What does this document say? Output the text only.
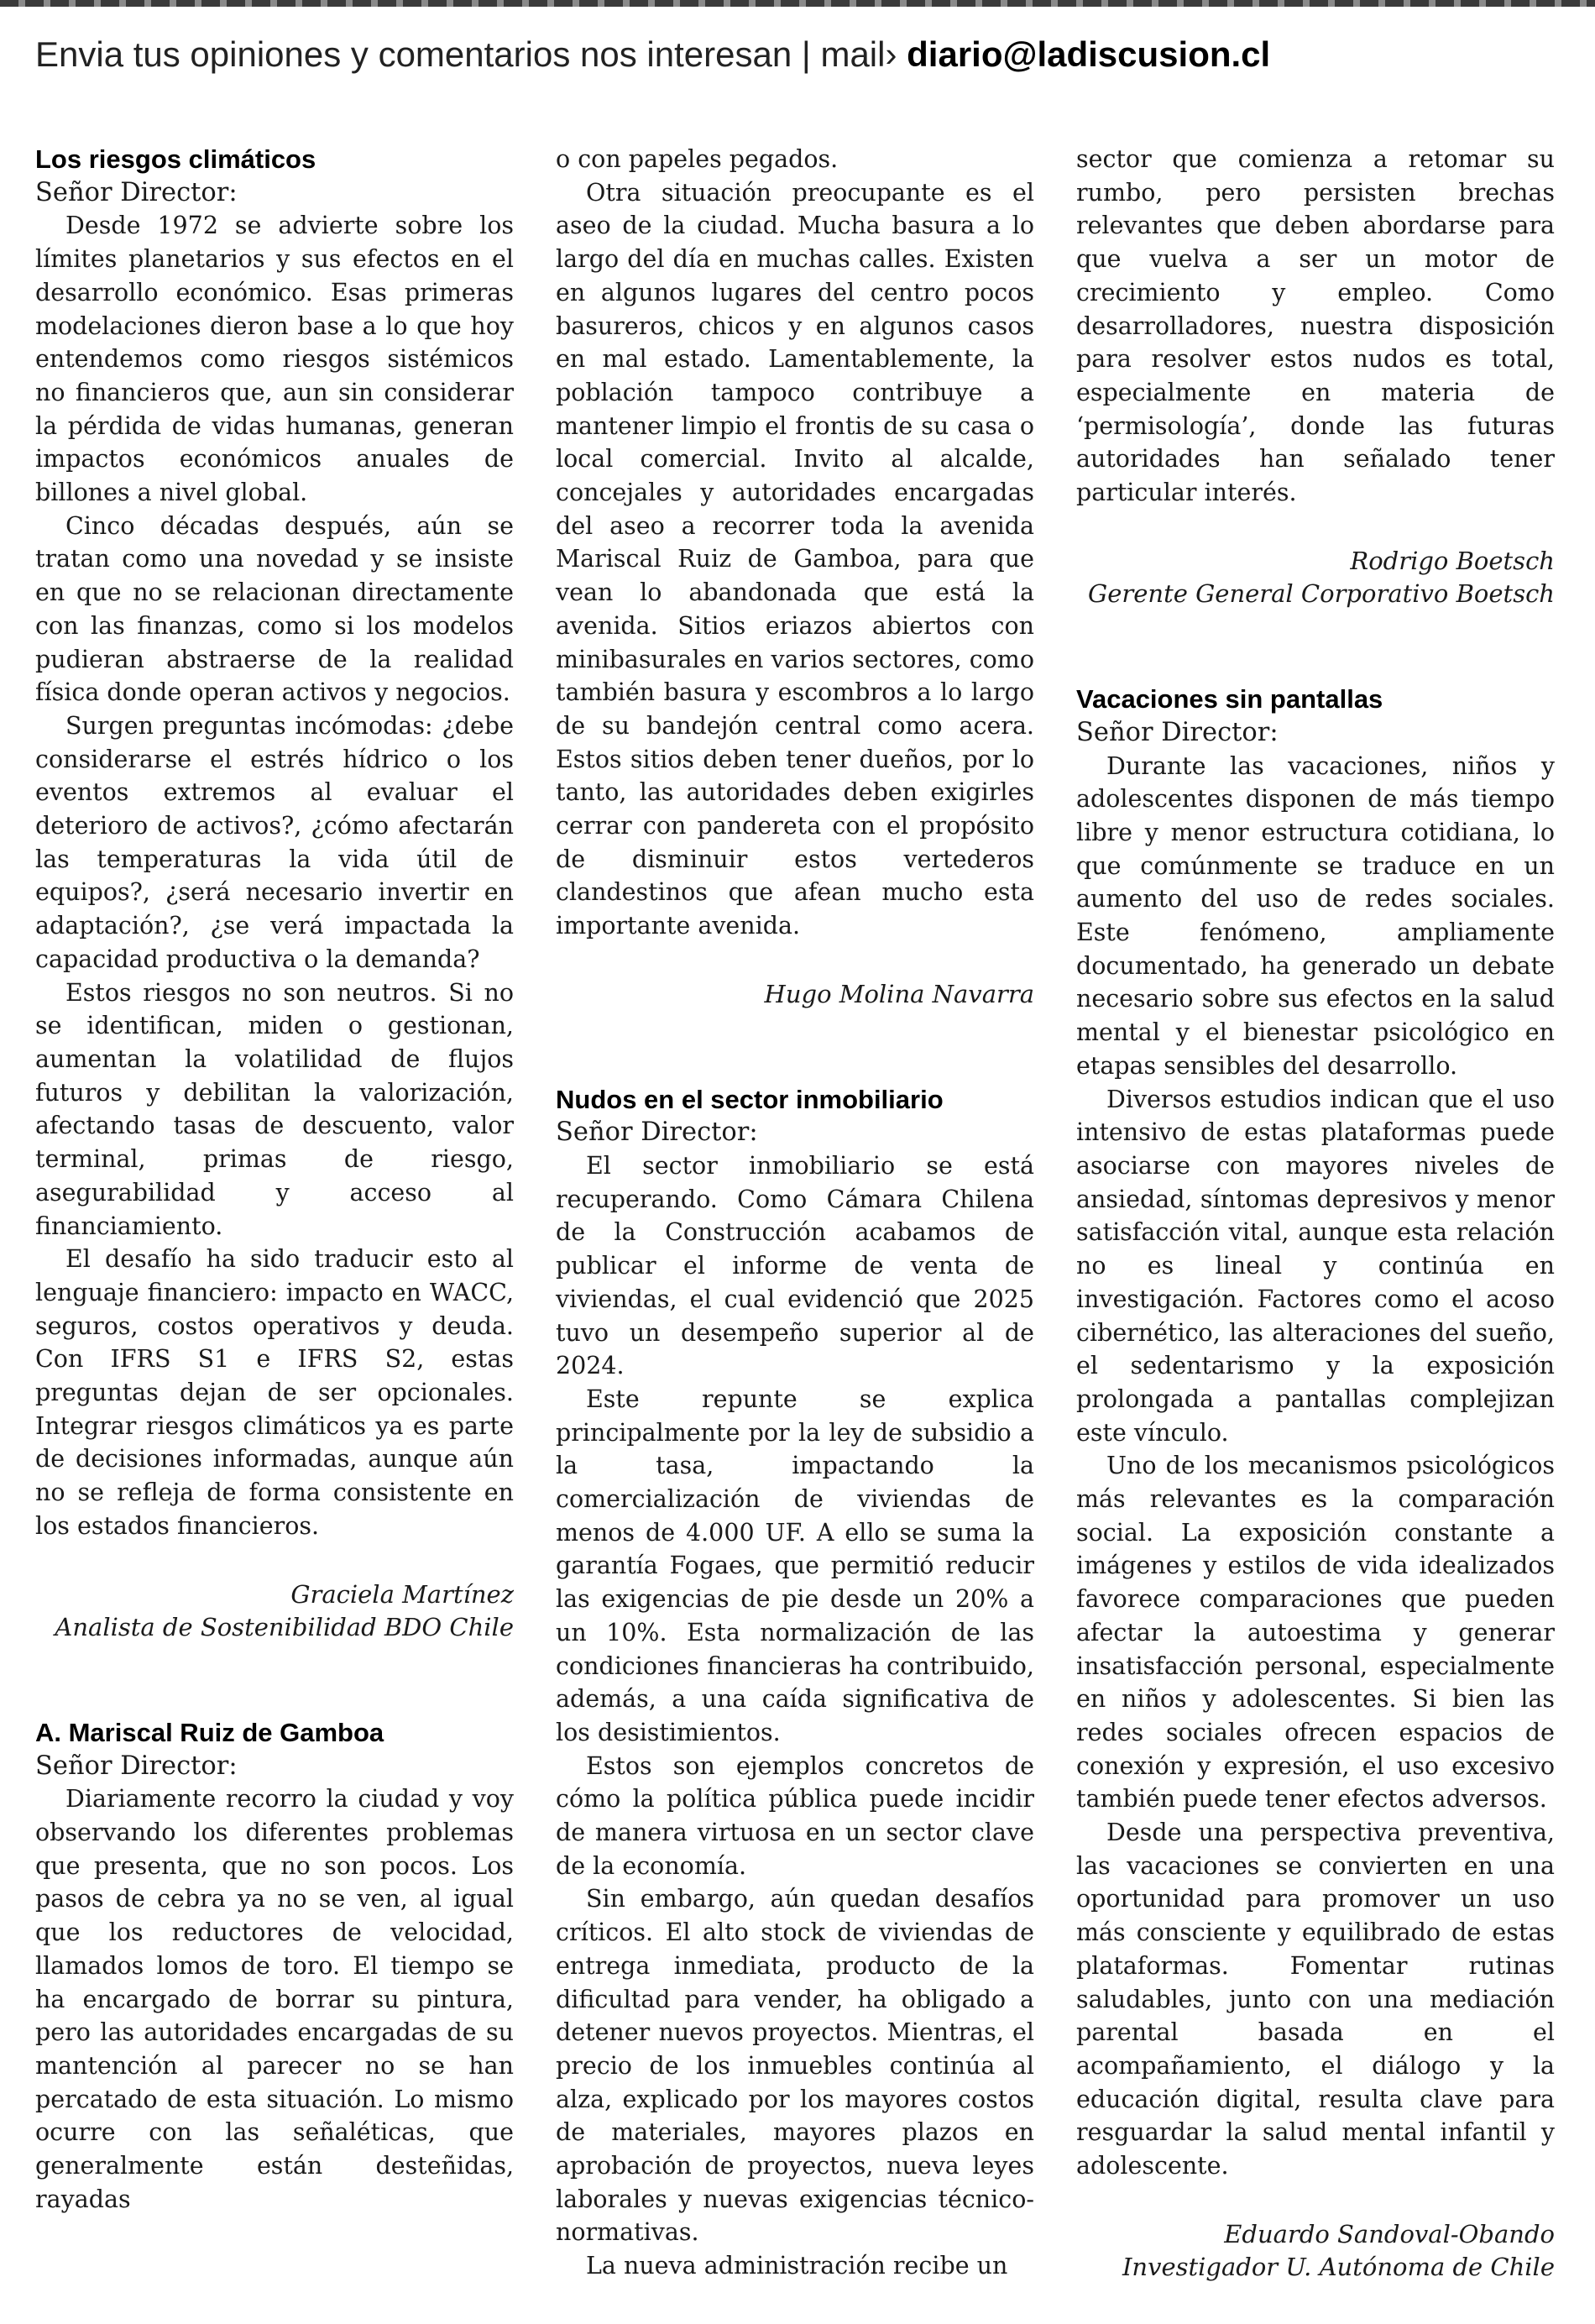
Envia tus opiniones y comentarios nos interesan | mail› diario@ladiscusion.cl
Los riesgos climáticos
Señor Director:

Desde 1972 se advierte sobre los límites planetarios y sus efectos en el desarrollo económico. Esas primeras modelaciones dieron base a lo que hoy entendemos como riesgos sistémicos no financieros que, aun sin considerar la pérdida de vidas humanas, generan impactos económicos anuales de billones a nivel global.

Cinco décadas después, aún se tratan como una novedad y se insiste en que no se relacionan directamente con las finanzas, como si los modelos pudieran abstraerse de la realidad física donde operan activos y negocios.

Surgen preguntas incómodas: ¿debe considerarse el estrés hídrico o los eventos extremos al evaluar el deterioro de activos?, ¿cómo afectarán las temperaturas la vida útil de equipos?, ¿será necesario invertir en adaptación?, ¿se verá impactada la capacidad productiva o la demanda?

Estos riesgos no son neutros. Si no se identifican, miden o gestionan, aumentan la volatilidad de flujos futuros y debilitan la valorización, afectando tasas de descuento, valor terminal, primas de riesgo, asegurabilidad y acceso al financiamiento.

El desafío ha sido traducir esto al lenguaje financiero: impacto en WACC, seguros, costos operativos y deuda. Con IFRS S1 e IFRS S2, estas preguntas dejan de ser opcionales. Integrar riesgos climáticos ya es parte de decisiones informadas, aunque aún no se refleja de forma consistente en los estados financieros.

Graciela Martínez
Analista de Sostenibilidad BDO Chile
A. Mariscal Ruiz de Gamboa
Señor Director:

Diariamente recorro la ciudad y voy observando los diferentes problemas que presenta, que no son pocos. Los pasos de cebra ya no se ven, al igual que los reductores de velocidad, llamados lomos de toro. El tiempo se ha encargado de borrar su pintura, pero las autoridades encargadas de su mantención al parecer no se han percatado de esta situación. Lo mismo ocurre con las señaléticas, que generalmente están desteñidas, rayadas

o con papeles pegados.

Otra situación preocupante es el aseo de la ciudad. Mucha basura a lo largo del día en muchas calles. Existen en algunos lugares del centro pocos basureros, chicos y en algunos casos en mal estado. Lamentablemente, la población tampoco contribuye a mantener limpio el frontis de su casa o local comercial. Invito al alcalde, concejales y autoridades encargadas del aseo a recorrer toda la avenida Mariscal Ruiz de Gamboa, para que vean lo abandonada que está la avenida. Sitios eriazos abiertos con minibasurales en varios sectores, como también basura y escombros a lo largo de su bandejón central como acera. Estos sitios deben tener dueños, por lo tanto, las autoridades deben exigirles cerrar con pandereta con el propósito de disminuir estos vertederos clandestinos que afean mucho esta importante avenida.

Hugo Molina Navarra
Nudos en el sector inmobiliario
Señor Director:

El sector inmobiliario se está recuperando. Como Cámara Chilena de la Construcción acabamos de publicar el informe de venta de viviendas, el cual evidenció que 2025 tuvo un desempeño superior al de 2024.

Este repunte se explica principalmente por la ley de subsidio a la tasa, impactando la comercialización de viviendas de menos de 4.000 UF. A ello se suma la garantía Fogaes, que permitió reducir las exigencias de pie desde un 20% a un 10%. Esta normalización de las condiciones financieras ha contribuido, además, a una caída significativa de los desistimientos.

Estos son ejemplos concretos de cómo la política pública puede incidir de manera virtuosa en un sector clave de la economía.

Sin embargo, aún quedan desafíos críticos. El alto stock de viviendas de entrega inmediata, producto de la dificultad para vender, ha obligado a detener nuevos proyectos. Mientras, el precio de los inmuebles continúa al alza, explicado por los mayores costos de materiales, mayores plazos en aprobación de proyectos, nueva leyes laborales y nuevas exigencias técnico-normativas.

La nueva administración recibe un

sector que comienza a retomar su rumbo, pero persisten brechas relevantes que deben abordarse para que vuelva a ser un motor de crecimiento y empleo. Como desarrolladores, nuestra disposición para resolver estos nudos es total, especialmente en materia de ‘permisología’, donde las futuras autoridades han señalado tener particular interés.

Rodrigo Boetsch
Gerente General Corporativo Boetsch
Vacaciones sin pantallas
Señor Director:

Durante las vacaciones, niños y adolescentes disponen de más tiempo libre y menor estructura cotidiana, lo que comúnmente se traduce en un aumento del uso de redes sociales. Este fenómeno, ampliamente documentado, ha generado un debate necesario sobre sus efectos en la salud mental y el bienestar psicológico en etapas sensibles del desarrollo.

Diversos estudios indican que el uso intensivo de estas plataformas puede asociarse con mayores niveles de ansiedad, síntomas depresivos y menor satisfacción vital, aunque esta relación no es lineal y continúa en investigación. Factores como el acoso cibernético, las alteraciones del sueño, el sedentarismo y la exposición prolongada a pantallas complejizan este vínculo.

Uno de los mecanismos psicológicos más relevantes es la comparación social. La exposición constante a imágenes y estilos de vida idealizados favorece comparaciones que pueden afectar la autoestima y generar insatisfacción personal, especialmente en niños y adolescentes. Si bien las redes sociales ofrecen espacios de conexión y expresión, el uso excesivo también puede tener efectos adversos.

Desde una perspectiva preventiva, las vacaciones se convierten en una oportunidad para promover un uso más consciente y equilibrado de estas plataformas. Fomentar rutinas saludables, junto con una mediación parental basada en el acompañamiento, el diálogo y la educación digital, resulta clave para resguardar la salud mental infantil y adolescente.

Eduardo Sandoval-Obando
Investigador U. Autónoma de Chile
